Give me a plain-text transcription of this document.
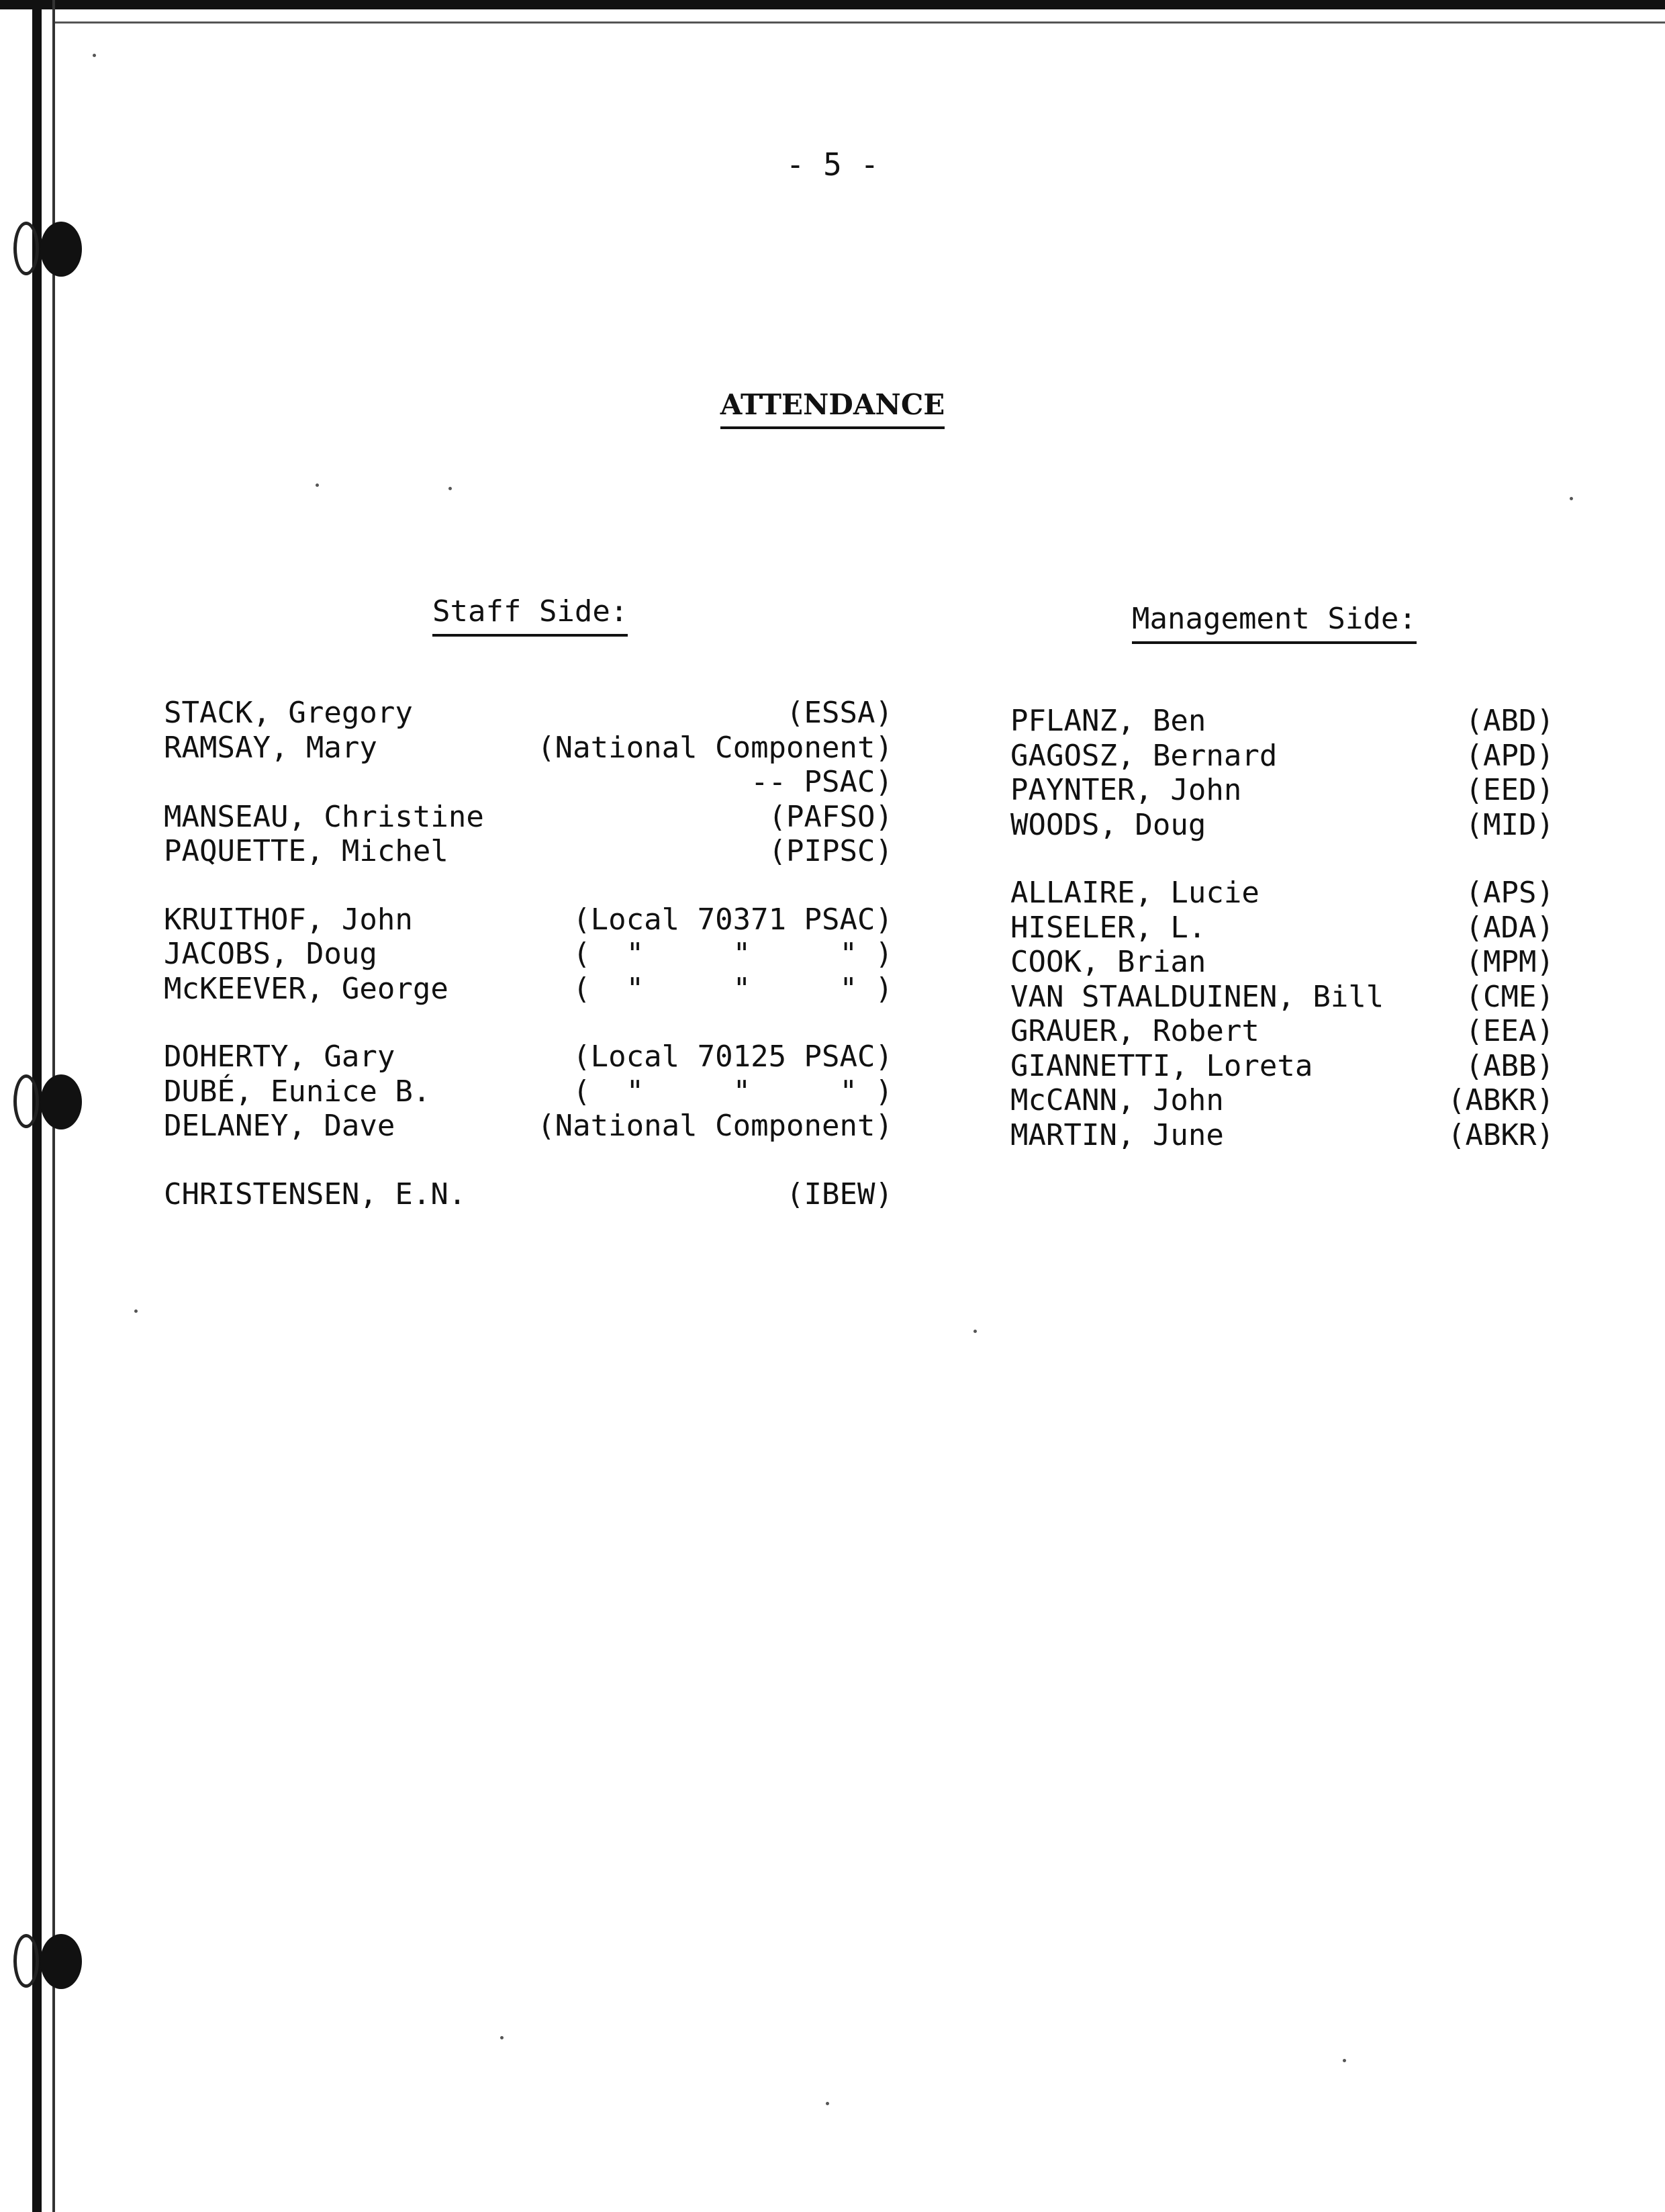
- 5 -
ATTENDANCE
Staff Side:	Management Side:
STACK, Gregory	(ESSA)
RAMSAY, Mary	(National Component)
-- PSAC)
MANSEAU, Christine	(PAFSO)
PAQUETTE, Michel	(PIPSC)
KRUITHOF, John	(Local 70371 PSAC)
JACOBS, Doug	(  "     "     " )
McKEEVER, George	(  "     "     " )
DOHERTY, Gary	(Local 70125 PSAC)
DUBÉ, Eunice B.	(  "     "     " )
DELANEY, Dave	(National Component)
CHRISTENSEN, E.N.	(IBEW)
PFLANZ, Ben	(ABD)
GAGOSZ, Bernard	(APD)
PAYNTER, John	(EED)
WOODS, Doug	(MID)
ALLAIRE, Lucie	(APS)
HISELER, L.	(ADA)
COOK, Brian	(MPM)
VAN STAALDUINEN, Bill	(CME)
GRAUER, Robert	(EEA)
GIANNETTI, Loreta	(ABB)
McCANN, John	(ABKR)
MARTIN, June	(ABKR)
